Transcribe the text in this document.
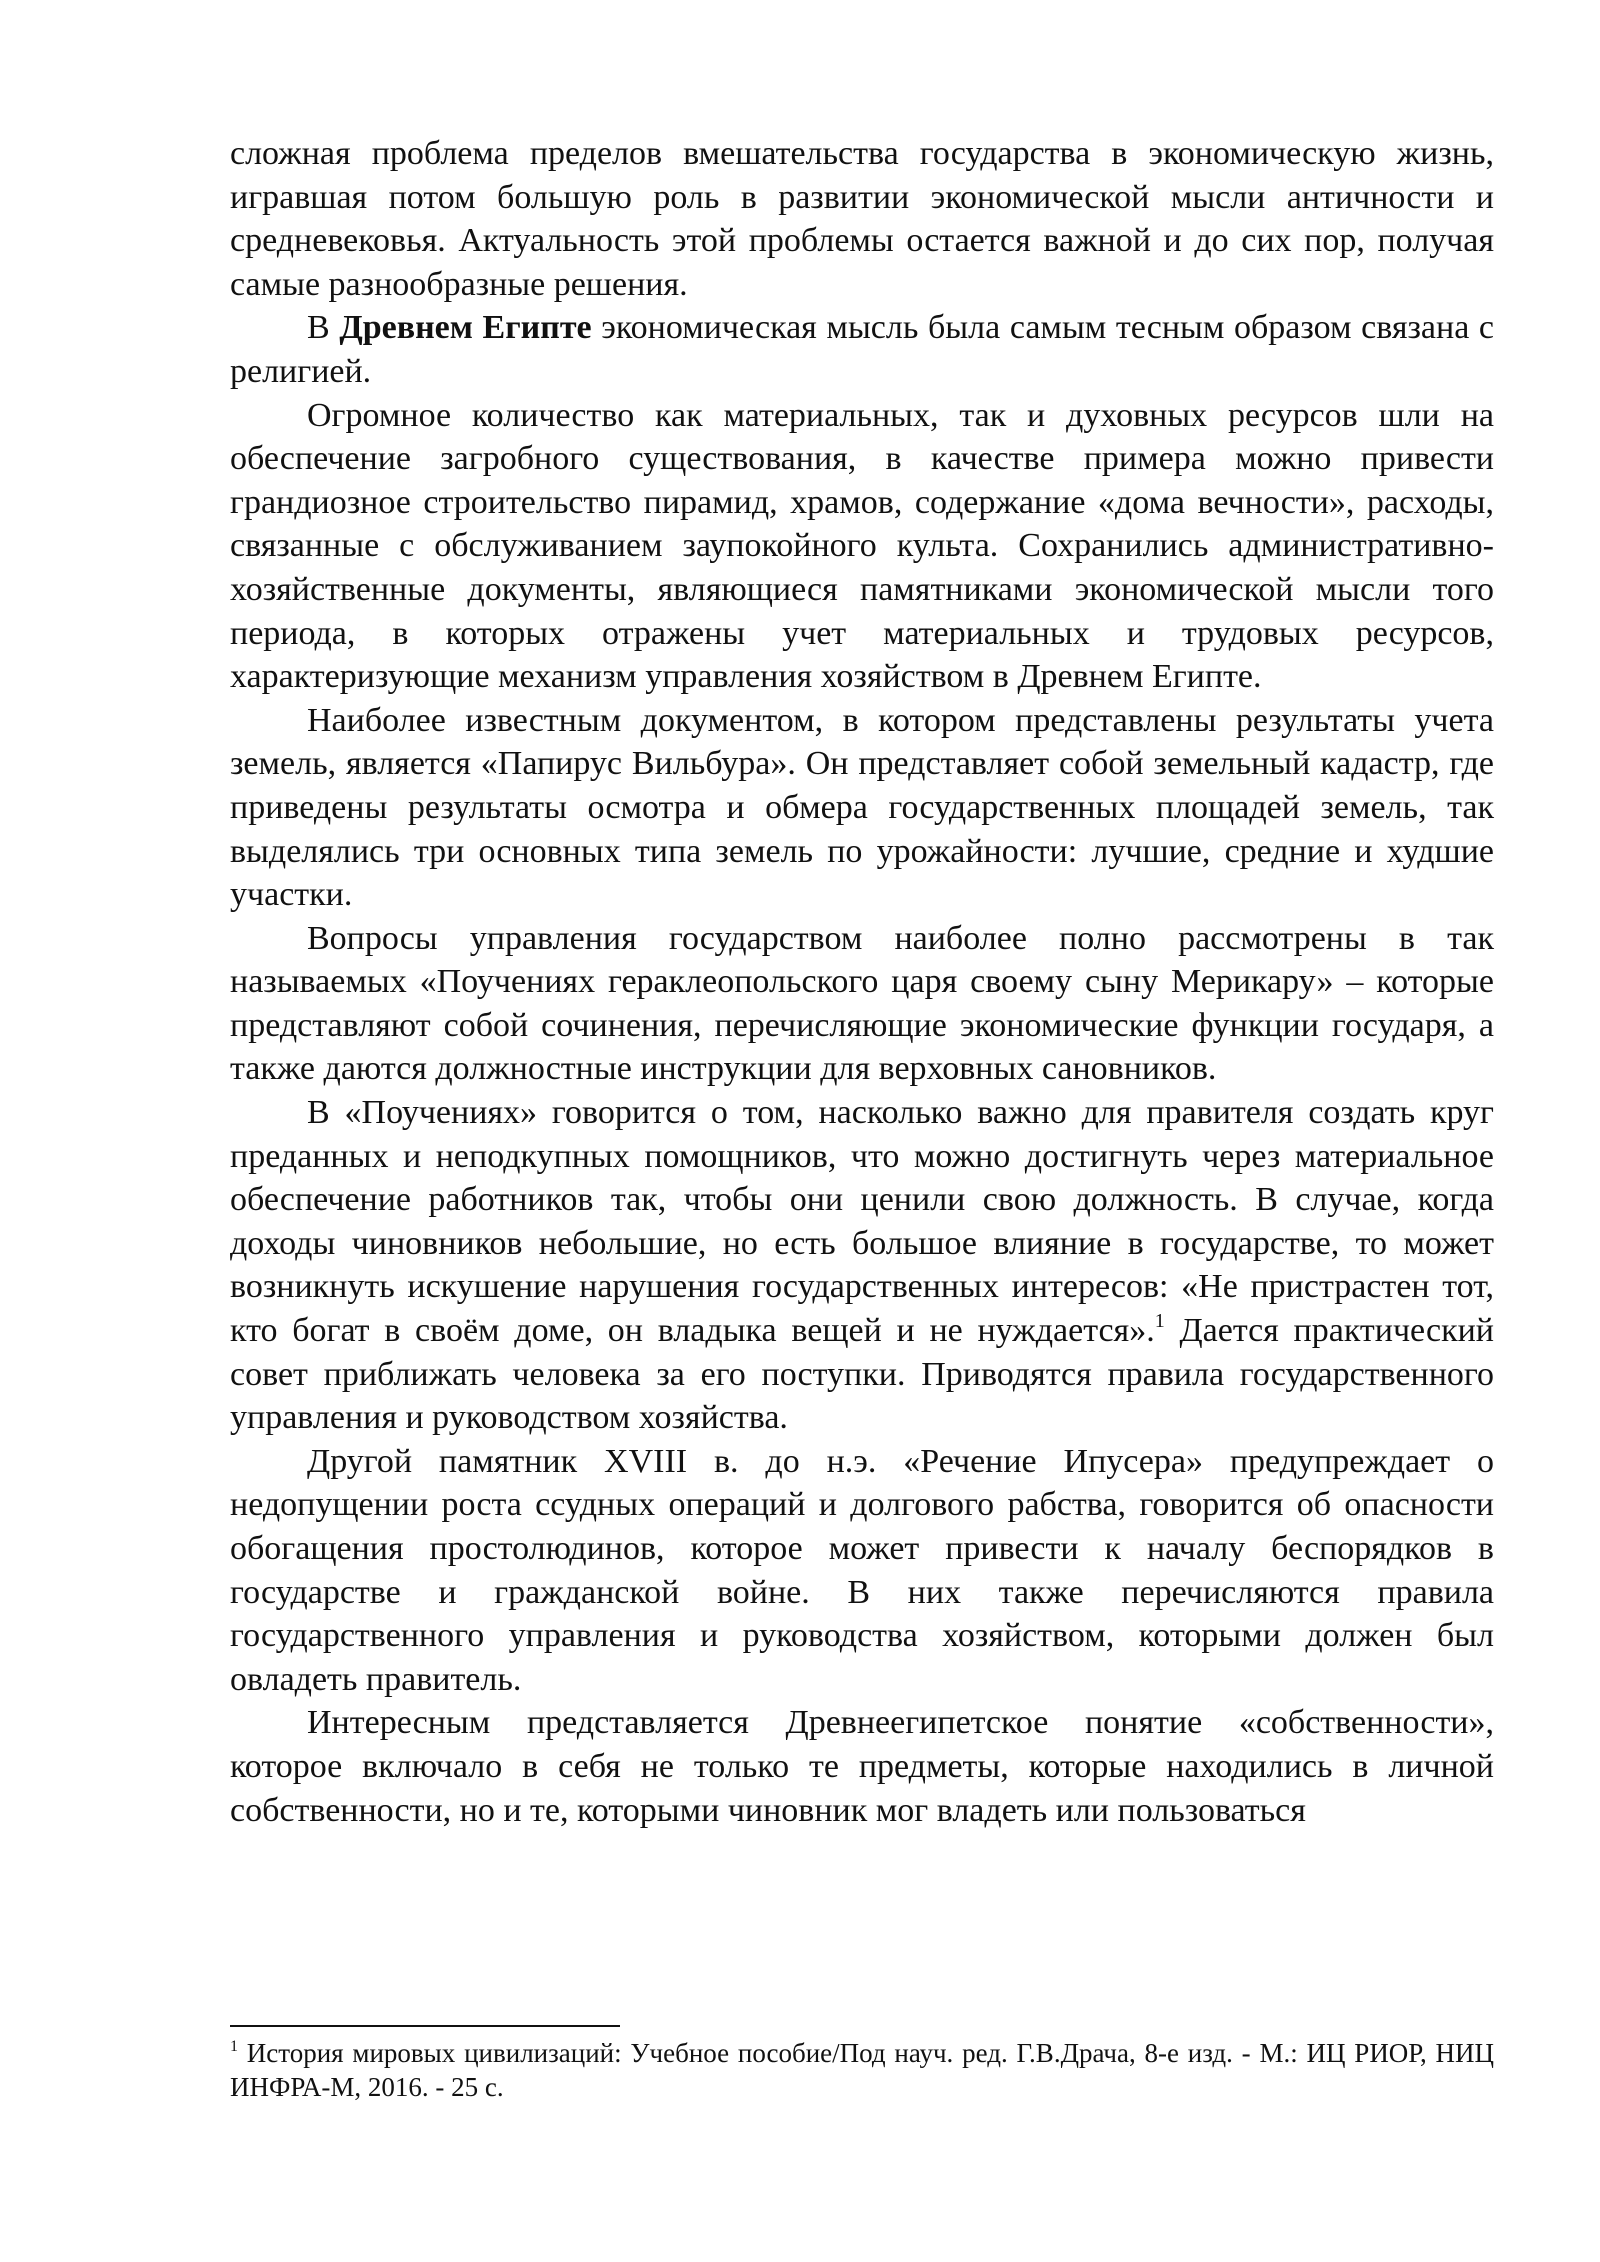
сложная проблема пределов вмешательства государства в экономическую жизнь, игравшая потом большую роль в развитии экономической мысли античности и средневековья. Актуальность этой проблемы остается важной и до сих пор, получая самые разнообразные решения.

В Древнем Египте экономическая мысль была самым тесным образом связана с религией.

Огромное количество как материальных, так и духовных ресурсов шли на обеспечение загробного существования, в качестве примера можно привести грандиозное строительство пирамид, храмов, содержание «дома вечности», расходы, связанные с обслуживанием заупокойного культа. Сохранились административно-хозяйственные документы, являющиеся памятниками экономической мысли того периода, в которых отражены учет материальных и трудовых ресурсов, характеризующие механизм управления хозяйством в Древнем Египте.

Наиболее известным документом, в котором представлены результаты учета земель, является «Папирус Вильбура». Он представляет собой земельный кадастр, где приведены результаты осмотра и обмера государственных площадей земель, так выделялись три основных типа земель по урожайности: лучшие, средние и худшие участки.

Вопросы управления государством наиболее полно рассмотрены в так называемых «Поучениях гераклеопольского царя своему сыну Мерикару» – которые представляют собой сочинения, перечисляющие экономические функции государя, а также даются должностные инструкции для верховных сановников.

В «Поучениях» говорится о том, насколько важно для правителя создать круг преданных и неподкупных помощников, что можно достигнуть через материальное обеспечение работников так, чтобы они ценили свою должность. В случае, когда доходы чиновников небольшие, но есть большое влияние в государстве, то может возникнуть искушение нарушения государственных интересов: «Не пристрастен тот, кто богат в своём доме, он владыка вещей и не нуждается».$^1$ Дается практический совет приближать человека за его поступки. Приводятся правила государственного управления и руководством хозяйства.

Другой памятник XVIII в. до н.э. «Речение Ипусера» предупреждает о недопущении роста ссудных операций и долгового рабства, говорится об опасности обогащения простолюдинов, которое может привести к началу беспорядков в государстве и гражданской войне. В них также перечисляются правила государственного управления и руководства хозяйством, которыми должен был овладеть правитель.

Интересным представляется Древнеегипетское понятие «собственности», которое включало в себя не только те предметы, которые находились в личной собственности, но и те, которыми чиновник мог владеть или пользоваться

$^1$ История мировых цивилизаций: Учебное пособие/Под науч. ред. Г.В.Драча, 8-е изд. - М.: ИЦ РИОР, НИЦ ИНФРА-М, 2016. - 25 с.
